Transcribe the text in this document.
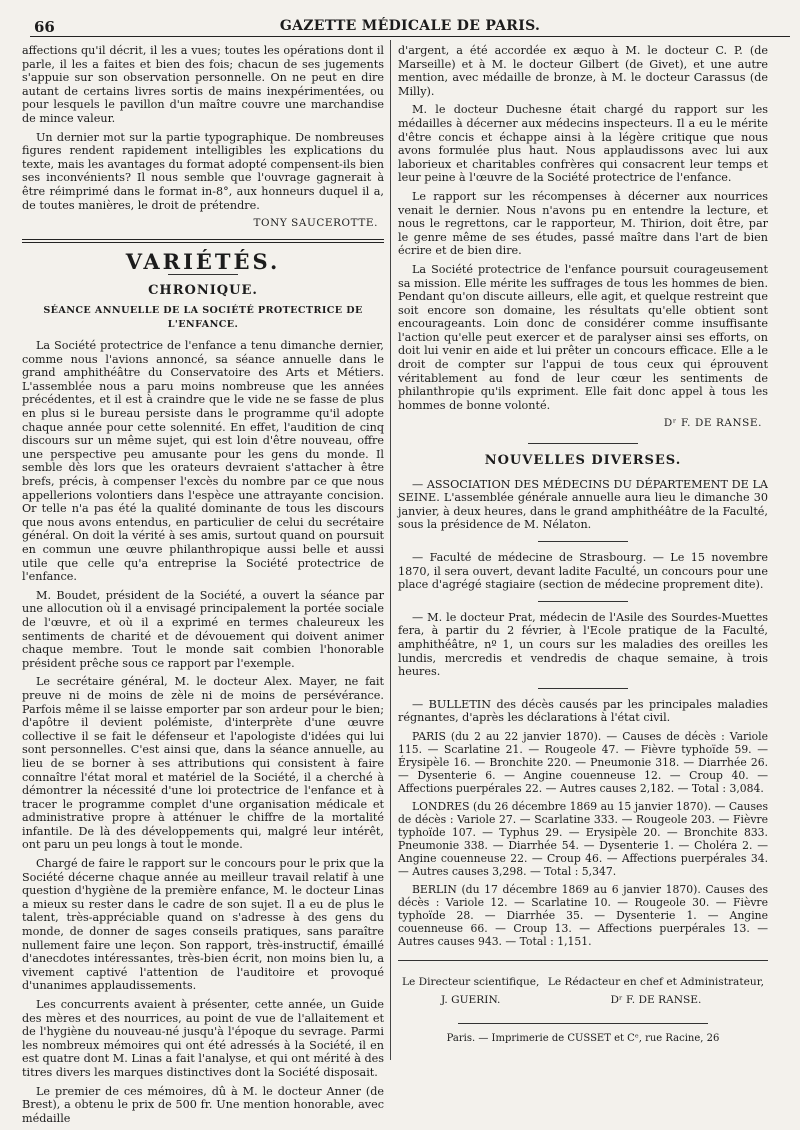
66	GAZETTE MÉDICALE DE PARIS.

affections qu'il décrit, il les a vues; toutes les opérations dont il parle, il les a faites et bien des fois; chacun de ses jugements s'appuie sur son observation personnelle. On ne peut en dire autant de certains livres sortis de mains inexpérimentées, ou pour lesquels le pavillon d'un maître couvre une marchandise de mince valeur.

Un dernier mot sur la partie typographique. De nombreuses figures rendent rapidement intelligibles les explications du texte, mais les avantages du format adopté compensent-ils bien ses inconvénients? Il nous semble que l'ouvrage gagnerait à être réimprimé dans le format in-8°, aux honneurs duquel il a, de toutes manières, le droit de prétendre.

TONY SAUCEROTTE.
VARIÉTÉS.
CHRONIQUE.
SÉANCE ANNUELLE DE LA SOCIÉTÉ PROTECTRICE DE L'ENFANCE.

La Société protectrice de l'enfance a tenu dimanche dernier, comme nous l'avions annoncé, sa séance annuelle dans le grand amphithéâtre du Conservatoire des Arts et Métiers. L'assemblée nous a paru moins nombreuse que les années précédentes, et il est à craindre que le vide ne se fasse de plus en plus si le bureau persiste dans le programme qu'il adopte chaque année pour cette solennité. En effet, l'audition de cinq discours sur un même sujet, qui est loin d'être nouveau, offre une perspective peu amusante pour les gens du monde. Il semble dès lors que les orateurs devraient s'attacher à être brefs, précis, à compenser l'excès du nombre par ce que nous appellerions volontiers dans l'espèce une attrayante concision. Or telle n'a pas été la qualité dominante de tous les discours que nous avons entendus, en particulier de celui du secrétaire général. On doit la vérité à ses amis, surtout quand on poursuit en commun une œuvre philanthropique aussi belle et aussi utile que celle qu'a entreprise la Société protectrice de l'enfance.

M. Boudet, président de la Société, a ouvert la séance par une allocution où il a envisagé principalement la portée sociale de l'œuvre, et où il a exprimé en termes chaleureux les sentiments de charité et de dévouement qui doivent animer chaque membre. Tout le monde sait combien l'honorable président prêche sous ce rapport par l'exemple.

Le secrétaire général, M. le docteur Alex. Mayer, ne fait preuve ni de moins de zèle ni de moins de persévérance. Parfois même il se laisse emporter par son ardeur pour le bien; d'apôtre il devient polémiste, d'interprète d'une œuvre collective il se fait le défenseur et l'apologiste d'idées qui lui sont personnelles. C'est ainsi que, dans la séance annuelle, au lieu de se borner à ses attributions qui consistent à faire connaître l'état moral et matériel de la Société, il a cherché à démontrer la nécessité d'une loi protectrice de l'enfance et à tracer le programme complet d'une organisation médicale et administrative propre à atténuer le chiffre de la mortalité infantile. De là des développements qui, malgré leur intérêt, ont paru un peu longs à tout le monde.

Chargé de faire le rapport sur le concours pour le prix que la Société décerne chaque année au meilleur travail relatif à une question d'hygiène de la première enfance, M. le docteur Linas a mieux su rester dans le cadre de son sujet. Il a eu de plus le talent, très-appréciable quand on s'adresse à des gens du monde, de donner de sages conseils pratiques, sans paraître nullement faire une leçon. Son rapport, très-instructif, émaillé d'anecdotes intéressantes, très-bien écrit, non moins bien lu, a vivement captivé l'attention de l'auditoire et provoqué d'unanimes applaudissements.

Les concurrents avaient à présenter, cette année, un Guide des mères et des nourrices, au point de vue de l'allaitement et de l'hygiène du nouveau-né jusqu'à l'époque du sevrage. Parmi les nombreux mémoires qui ont été adressés à la Société, il en est quatre dont M. Linas a fait l'analyse, et qui ont mérité à des titres divers les marques distinctives dont la Société disposait.

Le premier de ces mémoires, dû à M. le docteur Anner (de Brest), a obtenu le prix de 500 fr. Une mention honorable, avec médaille

d'argent, a été accordée ex æquo à M. le docteur C. P. (de Marseille) et à M. le docteur Gilbert (de Givet), et une autre mention, avec médaille de bronze, à M. le docteur Carassus (de Milly).

M. le docteur Duchesne était chargé du rapport sur les médailles à décerner aux médecins inspecteurs. Il a eu le mérite d'être concis et échappe ainsi à la légère critique que nous avons formulée plus haut. Nous applaudissons avec lui aux laborieux et charitables confrères qui consacrent leur temps et leur peine à l'œuvre de la Société protectrice de l'enfance.

Le rapport sur les récompenses à décerner aux nourrices venait le dernier. Nous n'avons pu en entendre la lecture, et nous le regrettons, car le rapporteur, M. Thirion, doit être, par le genre même de ses études, passé maître dans l'art de bien écrire et de bien dire.

La Société protectrice de l'enfance poursuit courageusement sa mission. Elle mérite les suffrages de tous les hommes de bien. Pendant qu'on discute ailleurs, elle agit, et quelque restreint que soit encore son domaine, les résultats qu'elle obtient sont encourageants. Loin donc de considérer comme insuffisante l'action qu'elle peut exercer et de paralyser ainsi ses efforts, on doit lui venir en aide et lui prêter un concours efficace. Elle a le droit de compter sur l'appui de tous ceux qui éprouvent véritablement au fond de leur cœur les sentiments de philanthropie qu'ils expriment. Elle fait donc appel à tous les hommes de bonne volonté.

Dʳ F. DE RANSE.
NOUVELLES DIVERSES.

— ASSOCIATION DES MÉDECINS DU DÉPARTEMENT DE LA SEINE. L'assemblée générale annuelle aura lieu le dimanche 30 janvier, à deux heures, dans le grand amphithéâtre de la Faculté, sous la présidence de M. Nélaton.

— Faculté de médecine de Strasbourg. — Le 15 novembre 1870, il sera ouvert, devant ladite Faculté, un concours pour une place d'agrégé stagiaire (section de médecine proprement dite).

— M. le docteur Prat, médecin de l'Asile des Sourdes-Muettes fera, à partir du 2 février, à l'Ecole pratique de la Faculté, amphithéâtre, nº 1, un cours sur les maladies des oreilles les lundis, mercredis et vendredis de chaque semaine, à trois heures.

— BULLETIN des décès causés par les principales maladies régnantes, d'après les déclarations à l'état civil.

PARIS (du 2 au 22 janvier 1870). — Causes de décès : Variole 115. — Scarlatine 21. — Rougeole 47. — Fièvre typhoïde 59. — Érysipèle 16. — Bronchite 220. — Pneumonie 318. — Diarrhée 26. — Dysenterie 6. — Angine couenneuse 12. — Croup 40. — Affections puerpérales 22. — Autres causes 2,182. — Total : 3,084.

LONDRES (du 26 décembre 1869 au 15 janvier 1870). — Causes de décès : Variole 27. — Scarlatine 333. — Rougeole 203. — Fièvre typhoïde 107. — Typhus 29. — Erysipèle 20. — Bronchite 833. Pneumonie 338. — Diarrhée 54. — Dysenterie 1. — Choléra 2. — Angine couenneuse 22. — Croup 46. — Affections puerpérales 34. — Autres causes 3,298. — Total : 5,347.

BERLIN (du 17 décembre 1869 au 6 janvier 1870). Causes des décès : Variole 12. — Scarlatine 10. — Rougeole 30. — Fièvre typhoïde 28. — Diarrhée 35. — Dysenterie 1. — Angine couenneuse 66. — Croup 13. — Affections puerpérales 13. — Autres causes 943. — Total : 1,151.

Le Directeur scientifique,
J. GUERIN.
Le Rédacteur en chef et Administrateur,
Dʳ F. DE RANSE.
Paris. — Imprimerie de CUSSET et Cᵉ, rue Racine, 26
